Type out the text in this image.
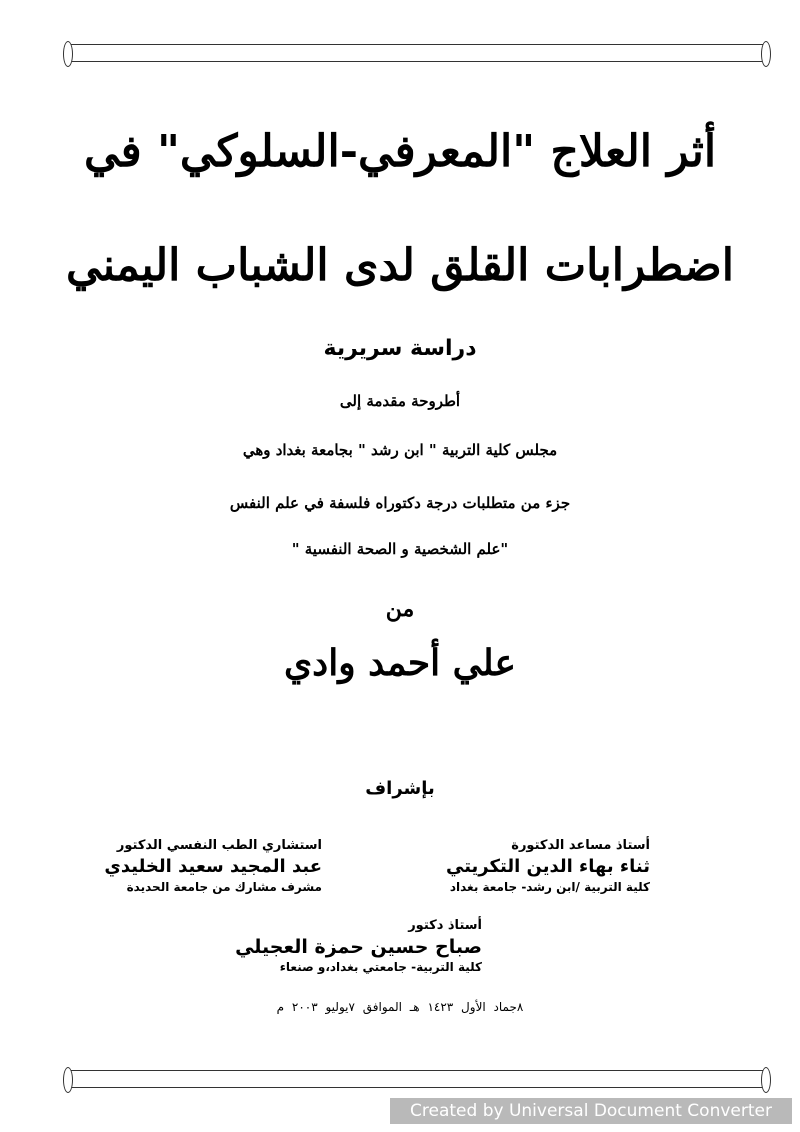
أثر العلاج "المعرفي-السلوكي" في
اضطرابات القلق لدى الشباب اليمني
دراسة سريرية
أطروحة مقدمة إلى
مجلس كلية التربية " ابن رشد " بجامعة بغداد وهي
جزء من متطلبات درجة دكتوراه فلسفة في علم النفس
"علم الشخصية و الصحة النفسية "
من
علي أحمد وادي
بإشراف
أستاذ مساعد الدكتورة
ثناء بهاء الدين التكريتي
كلية التربية /ابن رشد- جامعة بغداد
استشاري الطب النفسي الدكتور
عبد المجيد سعيد الخليدي
مشرف مشارك من جامعة الحديدة
أستاذ دكتور
صباح حسين حمزة العجيلي
كلية التربية- جامعتي بغداد،و صنعاء
٨جماد الأول ١٤٢٣ هـ الموافق ٧يوليو ٢٠٠٣ م
Created by Universal Document Converter
